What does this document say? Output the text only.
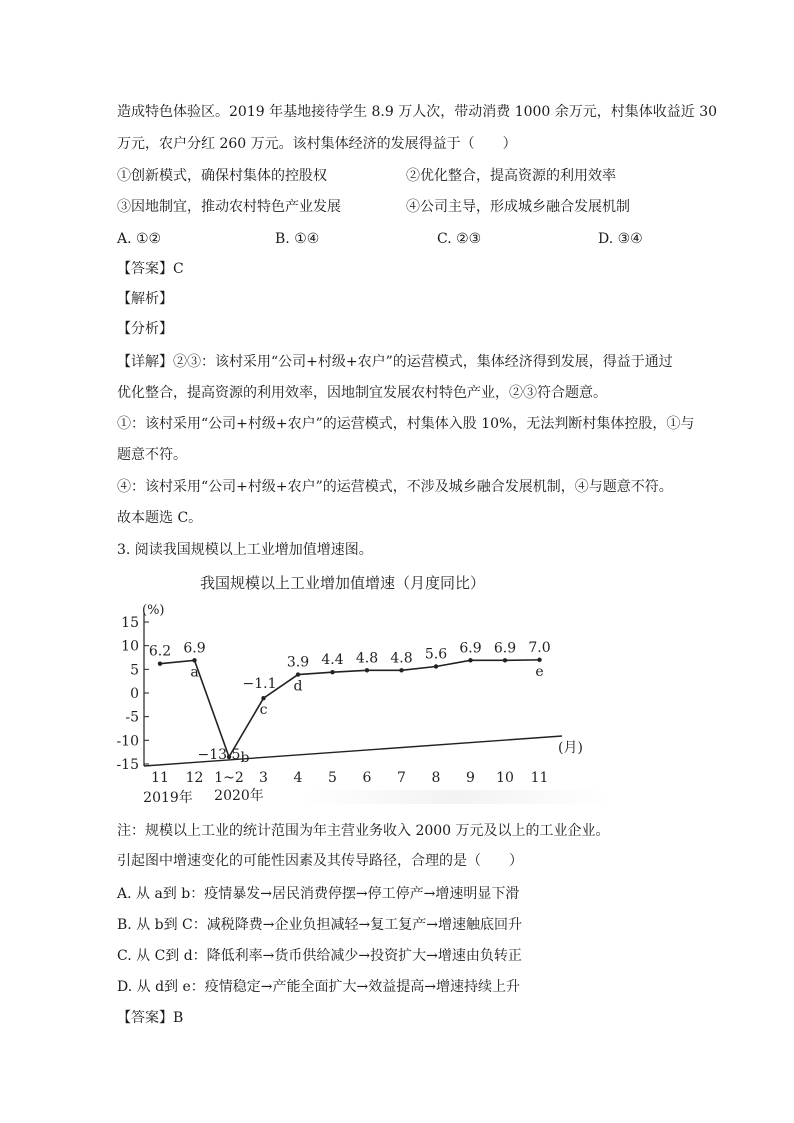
造成特色体验区。2019 年基地接待学生 8.9 万人次，带动消费 1000 余万元，村集体收益近 30
万元，农户分红 260 万元。该村集体经济的发展得益于（　　）
①创新模式，确保村集体的控股权	②优化整合，提高资源的利用效率
③因地制宜，推动农村特色产业发展	④公司主导，形成城乡融合发展机制
A. ①②	B. ①④	C. ②③	D. ③④
【答案】C
【解析】
【分析】
【详解】②③：该村采用“公司+村级+农户”的运营模式，集体经济得到发展，得益于通过
优化整合，提高资源的利用效率，因地制宜发展农村特色产业，②③符合题意。
①：该村采用“公司+村级+农户”的运营模式，村集体入股 10%，无法判断村集体控股，①与
题意不符。
④：该村采用“公司+村级+农户”的运营模式，不涉及城乡融合发展机制，④与题意不符。
故本题选 C。
3. 阅读我国规模以上工业增加值增速图。
我国规模以上工业增加值增速（月度同比）
(%)
(月)
15
10
5
0
-5
-10
-15
11 12 1~2 3 4 5 6 7 8 9 10 11
2019年 2020年
6.2 6.9
−13.5
−1.1
3.9 4.4 4.8 4.8 5.6 6.9 6.9 7.0
a
b
c
d
e
注：规模以上工业的统计范围为年主营业务收入 2000 万元及以上的工业企业。
引起图中增速变化的可能性因素及其传导路径，合理的是（　　）
A. 从 a到 b：疫情暴发→居民消费停摆→停工停产→增速明显下滑
B. 从 b到 C：减税降费→企业负担减轻→复工复产→增速触底回升
C. 从 C到 d：降低利率→货币供给减少→投资扩大→增速由负转正
D. 从 d到 e：疫情稳定→产能全面扩大→效益提高→增速持续上升
【答案】B
